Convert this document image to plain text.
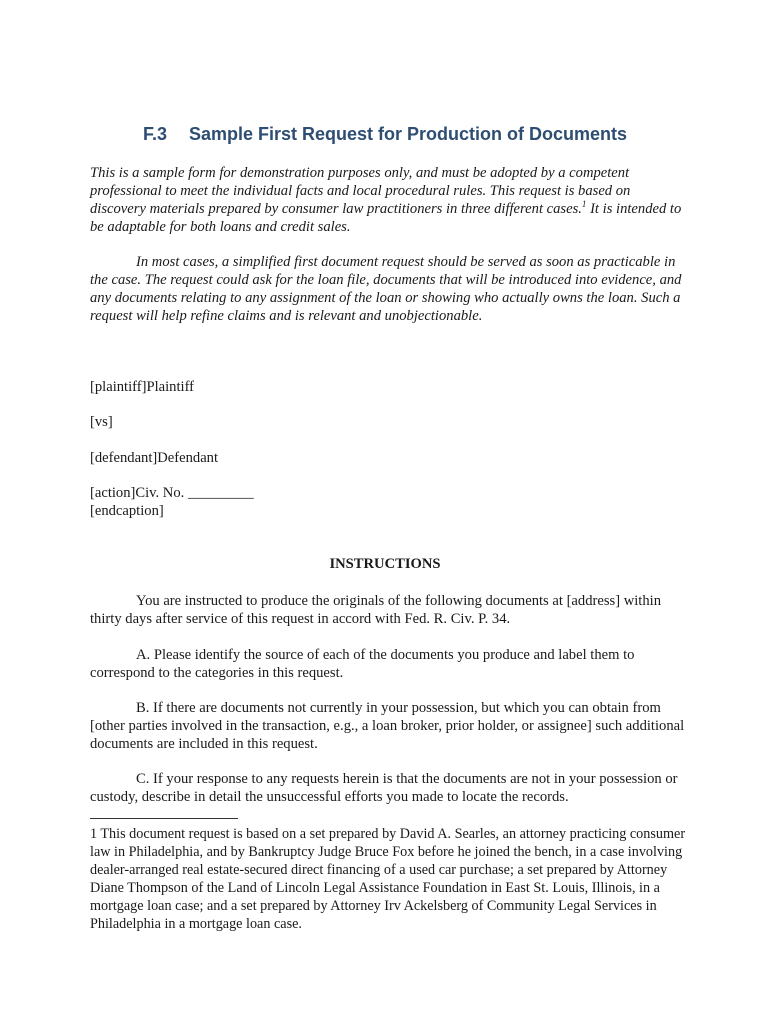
F.3 Sample First Request for Production of Documents
This is a sample form for demonstration purposes only, and must be adopted by a competent professional to meet the individual facts and local procedural rules. This request is based on discovery materials prepared by consumer law practitioners in three different cases.$^1$ It is intended to be adaptable for both loans and credit sales.
In most cases, a simplified first document request should be served as soon as practicable in the case. The request could ask for the loan file, documents that will be introduced into evidence, and any documents relating to any assignment of the loan or showing who actually owns the loan. Such a request will help refine claims and is relevant and unobjectionable.
[plaintiff]Plaintiff
[vs]
[defendant]Defendant
[action]Civ. No. _________
[endcaption]
INSTRUCTIONS
You are instructed to produce the originals of the following documents at [address] within thirty days after service of this request in accord with Fed. R. Civ. P. 34.
A. Please identify the source of each of the documents you produce and label them to correspond to the categories in this request.
B. If there are documents not currently in your possession, but which you can obtain from [other parties involved in the transaction, e.g., a loan broker, prior holder, or assignee] such additional documents are included in this request.
C. If your response to any requests herein is that the documents are not in your possession or custody, describe in detail the unsuccessful efforts you made to locate the records.
1 This document request is based on a set prepared by David A. Searles, an attorney practicing consumer law in Philadelphia, and by Bankruptcy Judge Bruce Fox before he joined the bench, in a case involving dealer-arranged real estate-secured direct financing of a used car purchase; a set prepared by Attorney Diane Thompson of the Land of Lincoln Legal Assistance Foundation in East St. Louis, Illinois, in a mortgage loan case; and a set prepared by Attorney Irv Ackelsberg of Community Legal Services in Philadelphia in a mortgage loan case.
